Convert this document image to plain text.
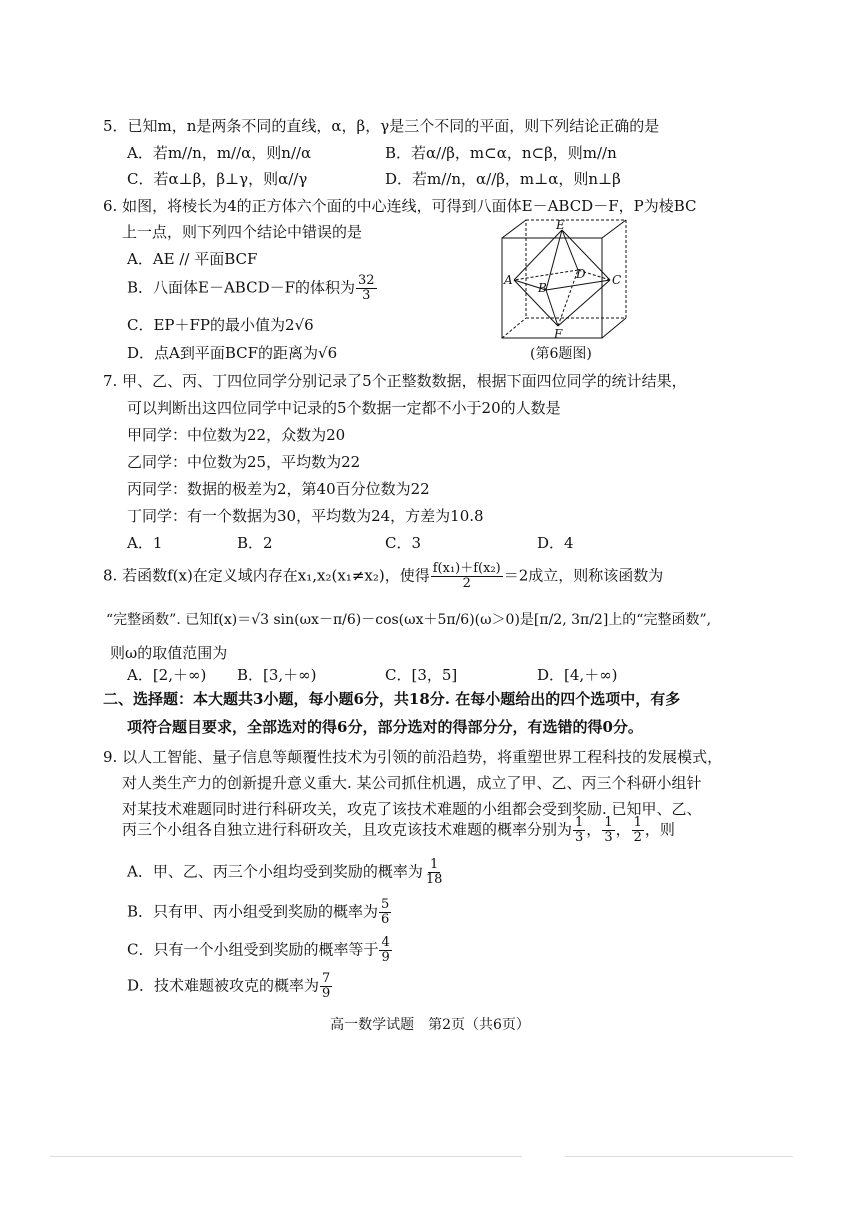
5．已知m，n是两条不同的直线，α，β，γ是三个不同的平面，则下列结论正确的是
A．若m//n，m//α，则n//α	B．若α//β，m⊂α，n⊂β，则m//n
C．若α⊥β，β⊥γ，则α//γ	D．若m//n，α//β，m⊥α，则n⊥β
6. 如图，将棱长为4的正方体六个面的中心连线，可得到八面体E－ABCD－F，P为棱BC
上一点，则下列四个结论中错误的是
A．AE // 平面BCF
B．八面体E－ABCD－F的体积为 $\frac{32}{3}$
C．EP＋FP的最小值为2√6
D．点A到平面BCF的距离为√6
E
A
B
C
D
F
(第6题图)
7. 甲、乙、丙、丁四位同学分别记录了5个正整数数据，根据下面四位同学的统计结果，
可以判断出这四位同学中记录的5个数据一定都不小于20的人数是
甲同学：中位数为22，众数为20
乙同学：中位数为25，平均数为22
丙同学：数据的极差为2，第40百分位数为22
丁同学：有一个数据为30，平均数为24，方差为10.8
A．1	B．2	C．3	D．4
8. 若函数f(x)在定义域内存在x₁,x₂(x₁≠x₂)，使得 $\frac{\text{f(x₁)＋f(x₂)}}{2} =2$成立，则称该函数为
“完整函数”. 已知f(x)＝√3 sin(ωx－π/6)－cos(ωx＋5π/6)(ω＞0)是[π/2, 3π/2]上的“完整函数”,
则ω的取值范围为
A．[2,＋∞) B．[3,＋∞)	C．[3，5]	D．[4,＋∞)
二、选择题：本大题共3小题，每小题6分，共18分. 在每小题给出的四个选项中，有多
项符合题目要求，全部选对的得6分，部分选对的得部分分，有选错的得0分。
9. 以人工智能、量子信息等颠覆性技术为引领的前沿趋势，将重塑世界工程科技的发展模式，
对人类生产力的创新提升意义重大. 某公司抓住机遇，成立了甲、乙、丙三个科研小组针
对某技术难题同时进行科研攻关，攻克了该技术难题的小组都会受到奖励. 已知甲、乙、
丙三个小组各自独立进行科研攻关，且攻克该技术难题的概率分别为 $\frac{1}{3}$ ， $\frac{1}{3}$ ， $\frac{1}{2}$ ，则
A．甲、乙、丙三个小组均受到奖励的概率为 $\frac{1}{18}$
B．只有甲、丙小组受到奖励的概率为 $\frac{5}{6}$
C．只有一个小组受到奖励的概率等于 $\frac{4}{9}$
D．技术难题被攻克的概率为 $\frac{7}{9}$
高一数学试题　第2页（共6页）
